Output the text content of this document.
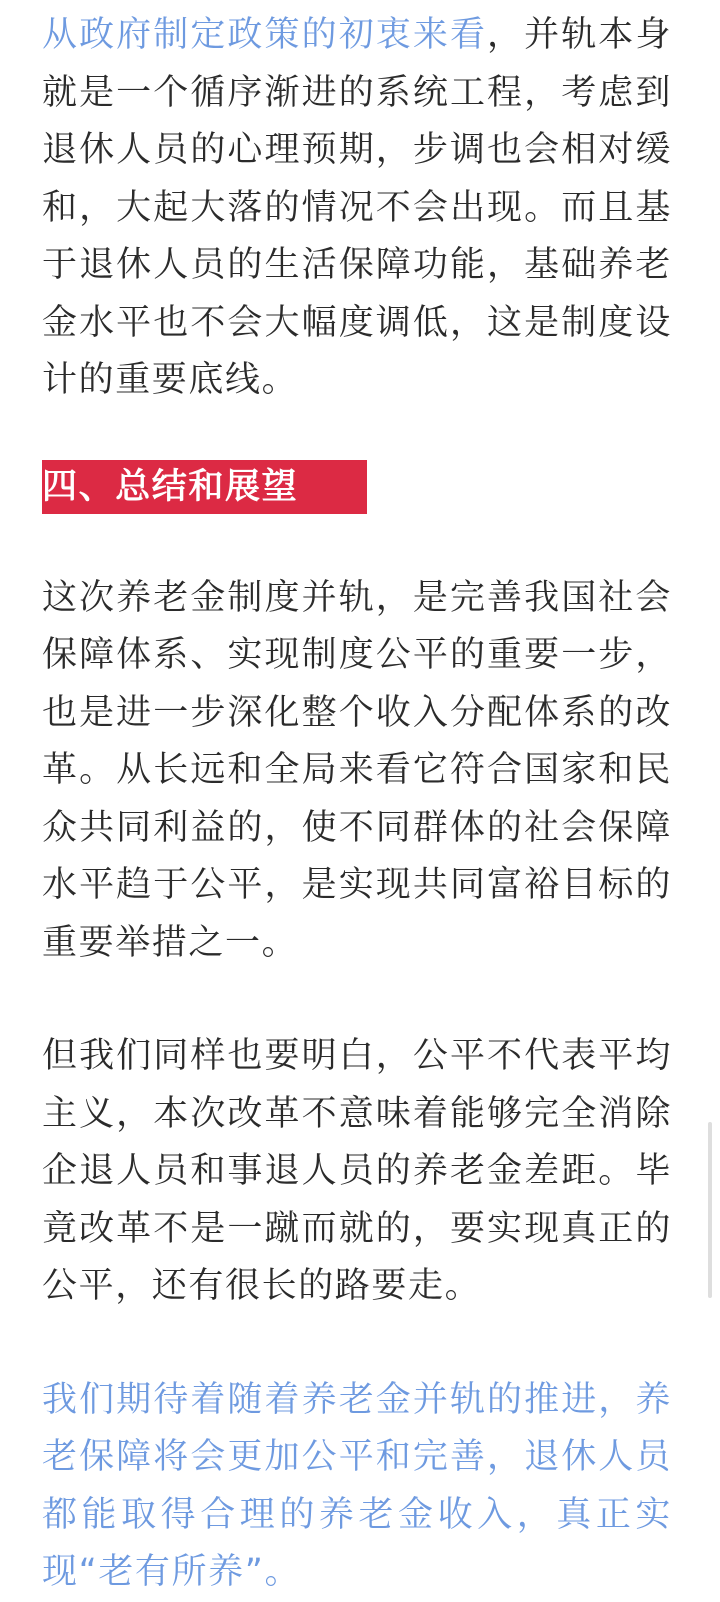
从政府制定政策的初衷来看，并轨本身就是一个循序渐进的系统工程，考虑到退休人员的心理预期，步调也会相对缓和，大起大落的情况不会出现。而且基于退休人员的生活保障功能，基础养老金水平也不会大幅度调低，这是制度设计的重要底线。

四、总结和展望

这次养老金制度并轨，是完善我国社会保障体系、实现制度公平的重要一步，也是进一步深化整个收入分配体系的改革。从长远和全局来看它符合国家和民众共同利益的，使不同群体的社会保障水平趋于公平，是实现共同富裕目标的重要举措之一。

但我们同样也要明白，公平不代表平均主义，本次改革不意味着能够完全消除企退人员和事退人员的养老金差距。毕竟改革不是一蹴而就的，要实现真正的公平，还有很长的路要走。

我们期待着随着养老金并轨的推进，养老保障将会更加公平和完善，退休人员都能取得合理的养老金收入，真正实现“老有所养”。
